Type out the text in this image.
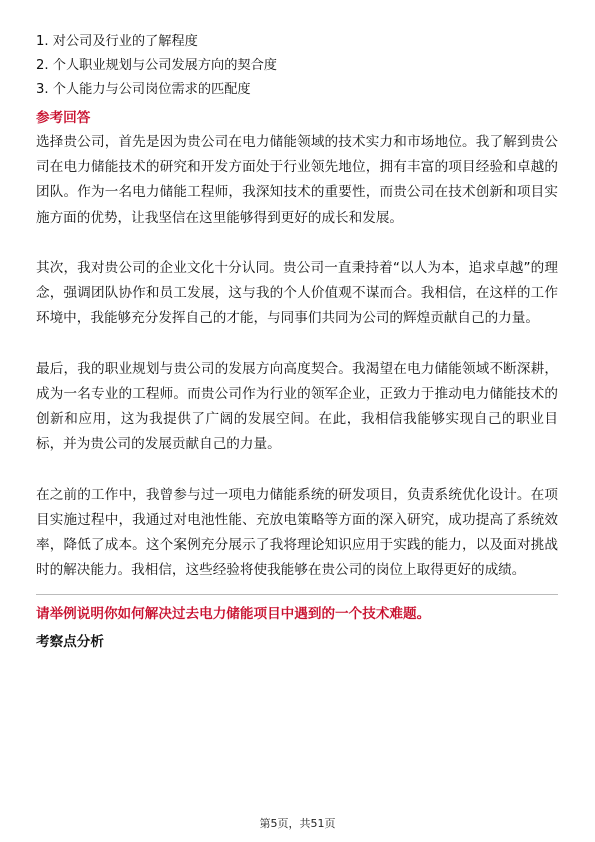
1. 对公司及行业的了解程度

2. 个人职业规划与公司发展方向的契合度

3. 个人能力与公司岗位需求的匹配度

参考回答

选择贵公司，首先是因为贵公司在电力储能领域的技术实力和市场地位。我了解到贵公司在电力储能技术的研究和开发方面处于行业领先地位，拥有丰富的项目经验和卓越的团队。作为一名电力储能工程师，我深知技术的重要性，而贵公司在技术创新和项目实施方面的优势，让我坚信在这里能够得到更好的成长和发展。

其次，我对贵公司的企业文化十分认同。贵公司一直秉持着“以人为本，追求卓越”的理念，强调团队协作和员工发展，这与我的个人价值观不谋而合。我相信，在这样的工作环境中，我能够充分发挥自己的才能，与同事们共同为公司的辉煌贡献自己的力量。

最后，我的职业规划与贵公司的发展方向高度契合。我渴望在电力储能领域不断深耕，成为一名专业的工程师。而贵公司作为行业的领军企业，正致力于推动电力储能技术的创新和应用，这为我提供了广阔的发展空间。在此，我相信我能够实现自己的职业目标，并为贵公司的发展贡献自己的力量。

在之前的工作中，我曾参与过一项电力储能系统的研发项目，负责系统优化设计。在项目实施过程中，我通过对电池性能、充放电策略等方面的深入研究，成功提高了系统效率，降低了成本。这个案例充分展示了我将理论知识应用于实践的能力，以及面对挑战时的解决能力。我相信，这些经验将使我能够在贵公司的岗位上取得更好的成绩。

请举例说明你如何解决过去电力储能项目中遇到的一个技术难题。
考察点分析
第5页，共51页
